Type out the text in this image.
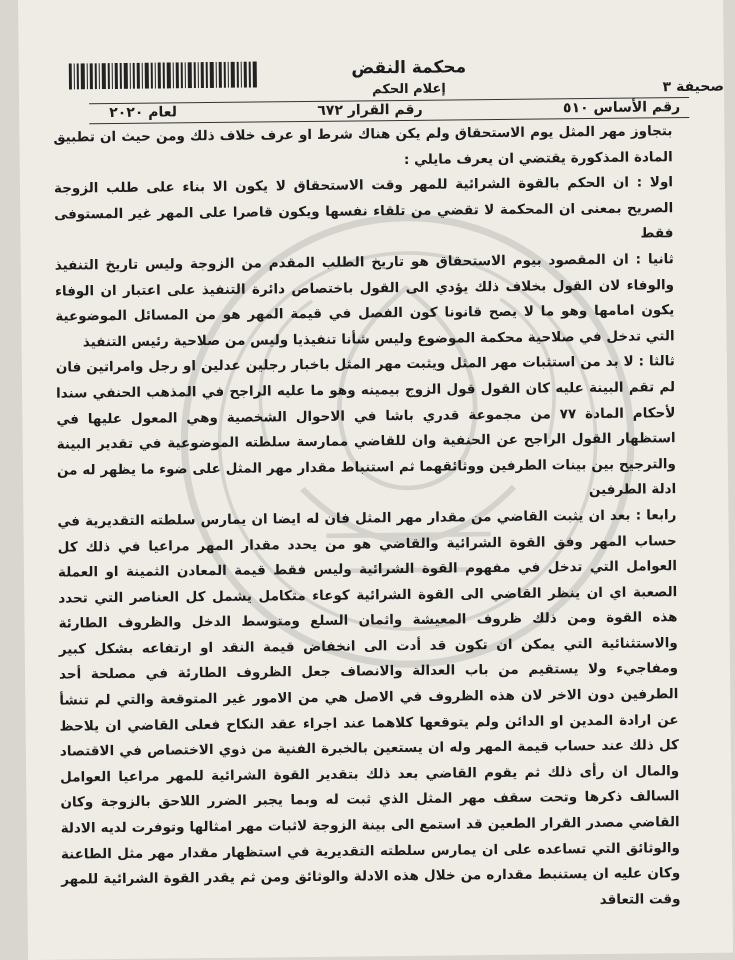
محكمة النقض
إعلام الحكم	صحيفة ٣
رقم الأساس ٥١٠
رقم القرار ٦٧٢
لعام ٢٠٢٠

بتجاوز مهر المثل يوم الاستحقاق ولم يكن هناك شرط او عرف خلاف ذلك ومن حيث ان تطبيق المادة المذكورة يقتضي ان يعرف مايلي :

اولا : ان الحكم بالقوة الشرائية للمهر وقت الاستحقاق لا يكون الا بناء على طلب الزوجة الصريح بمعنى ان المحكمة لا تقضي من تلقاء نفسها ويكون قاصرا على المهر غير المستوفى فقط

ثانيا : ان المقصود بيوم الاستحقاق هو تاريخ الطلب المقدم من الزوجة وليس تاريخ التنفيذ والوفاء لان القول بخلاف ذلك يؤدي الى القول باختصاص دائرة التنفيذ على اعتبار ان الوفاء يكون امامها وهو ما لا يصح قانونا كون الفصل في قيمة المهر هو من المسائل الموضوعية التي تدخل في صلاحية محكمة الموضوع وليس شأنا تنفيذيا وليس من صلاحية رئيس التنفيذ

ثالثا : لا بد من استثبات مهر المثل ويثبت مهر المثل باخبار رجلين عدلين او رجل وامراتين فان لم تقم البينة عليه كان القول قول الزوج بيمينه وهو ما عليه الراجح في المذهب الحنفي سندا لأحكام المادة ٧٧ من مجموعة قدري باشا في الاحوال الشخصية وهي المعول عليها في استظهار القول الراجح عن الحنفية وان للقاضي ممارسة سلطته الموضوعية في تقدير البينة والترجيح بين بينات الطرفين ووثائقهما ثم استنباط مقدار مهر المثل على ضوء ما يظهر له من ادلة الطرفين

رابعا : بعد ان يثبت القاضي من مقدار مهر المثل فان له ايضا ان يمارس سلطته التقديرية في حساب المهر وفق القوة الشرائية والقاضي هو من يحدد مقدار المهر مراعيا في ذلك كل العوامل التي تدخل في مفهوم القوة الشرائية وليس فقط قيمة المعادن الثمينة او العملة الصعبة اي ان ينظر القاضي الى القوة الشرائية كوعاء متكامل يشمل كل العناصر التي تحدد هذه القوة ومن ذلك ظروف المعيشة واثمان السلع ومتوسط الدخل والظروف الطارئة والاستثنائية التي يمكن ان تكون قد أدت الى انخفاض قيمة النقد او ارتفاعه بشكل كبير ومفاجيء ولا يستقيم من باب العدالة والانصاف جعل الظروف الطارئة في مصلحة أحد الطرفين دون الاخر لان هذه الظروف في الاصل هي من الامور غير المتوقعة والتي لم تنشأ عن ارادة المدين او الدائن ولم يتوقعها كلاهما عند اجراء عقد النكاح فعلى القاضي ان يلاحظ كل ذلك عند حساب قيمة المهر وله ان يستعين بالخبرة الفنية من ذوي الاختصاص في الاقتصاد والمال ان رأى ذلك ثم يقوم القاضي بعد ذلك بتقدير القوة الشرائية للمهر مراعيا العوامل السالف ذكرها وتحت سقف مهر المثل الذي ثبت له وبما يجبر الضرر اللاحق بالزوجة وكان القاضي مصدر القرار الطعين قد استمع الى بينة الزوجة لاثبات مهر امثالها وتوفرت لديه الادلة والوثائق التي تساعده على ان يمارس سلطته التقديرية في استظهار مقدار مهر مثل الطاعنة وكان عليه ان يستنبط مقداره من خلال هذه الادلة والوثائق ومن ثم يقدر القوة الشرائية للمهر وقت التعاقد
